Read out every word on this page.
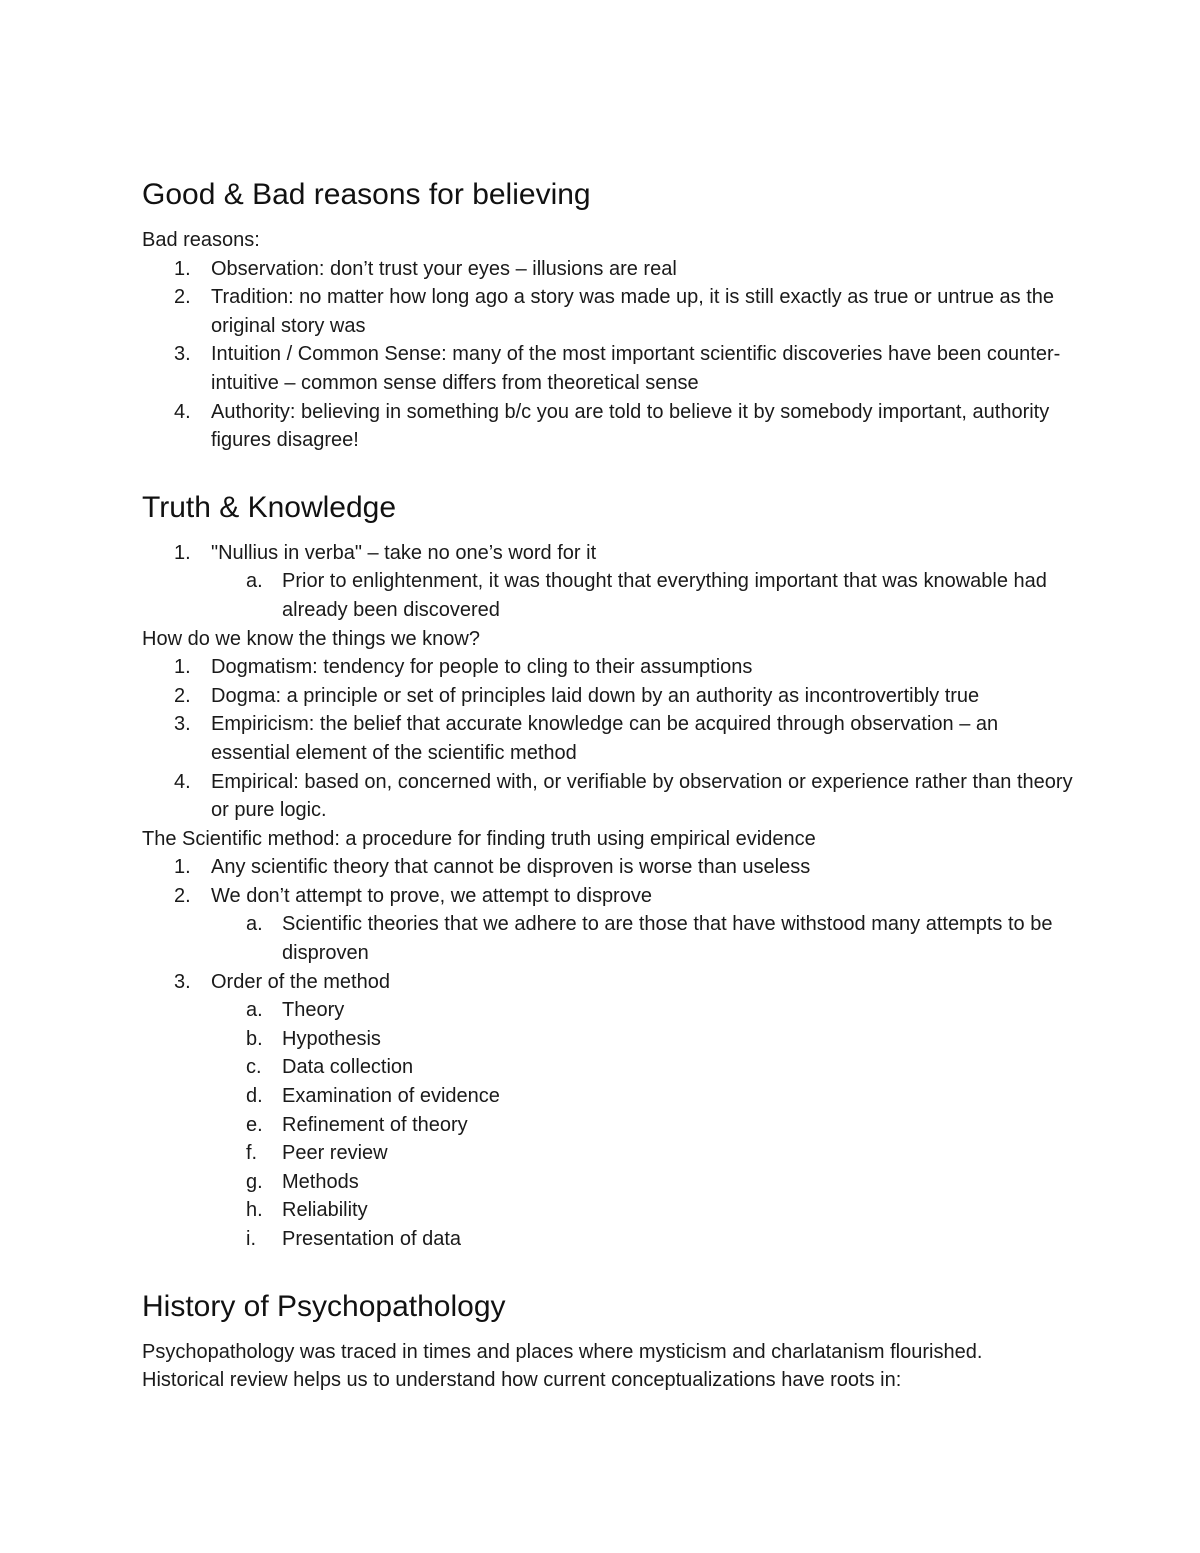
Good & Bad reasons for believing

Bad reasons:

1.	Observation: don’t trust your eyes – illusions are real

2.	Tradition: no matter how long ago a story was made up, it is still exactly as true or untrue as the original story was

3.	Intuition / Common Sense: many of the most important scientific discoveries have been counter-intuitive – common sense differs from theoretical sense

4.	Authority: believing in something b/c you are told to believe it by somebody important, authority figures disagree!

Truth & Knowledge

1.	"Nullius in verba" – take no one’s word for it

a. Prior to enlightenment, it was thought that everything important that was knowable had already been discovered

How do we know the things we know?

1.	Dogmatism: tendency for people to cling to their assumptions

2.	Dogma: a principle or set of principles laid down by an authority as incontrovertibly true

3.	Empiricism: the belief that accurate knowledge can be acquired through observation – an essential element of the scientific method

4.	Empirical: based on, concerned with, or verifiable by observation or experience rather than theory or pure logic.

The Scientific method: a procedure for finding truth using empirical evidence

1.	Any scientific theory that cannot be disproven is worse than useless

2.	We don’t attempt to prove, we attempt to disprove

a. Scientific theories that we adhere to are those that have withstood many attempts to be disproven

3.	Order of the method

a. Theory

b. Hypothesis

c.	Data collection

d. Examination of evidence

e. Refinement of theory

f.	Peer review

g. Methods

h. Reliability

i.	Presentation of data

History of Psychopathology

Psychopathology was traced in times and places where mysticism and charlatanism flourished.

Historical review helps us to understand how current conceptualizations have roots in:
